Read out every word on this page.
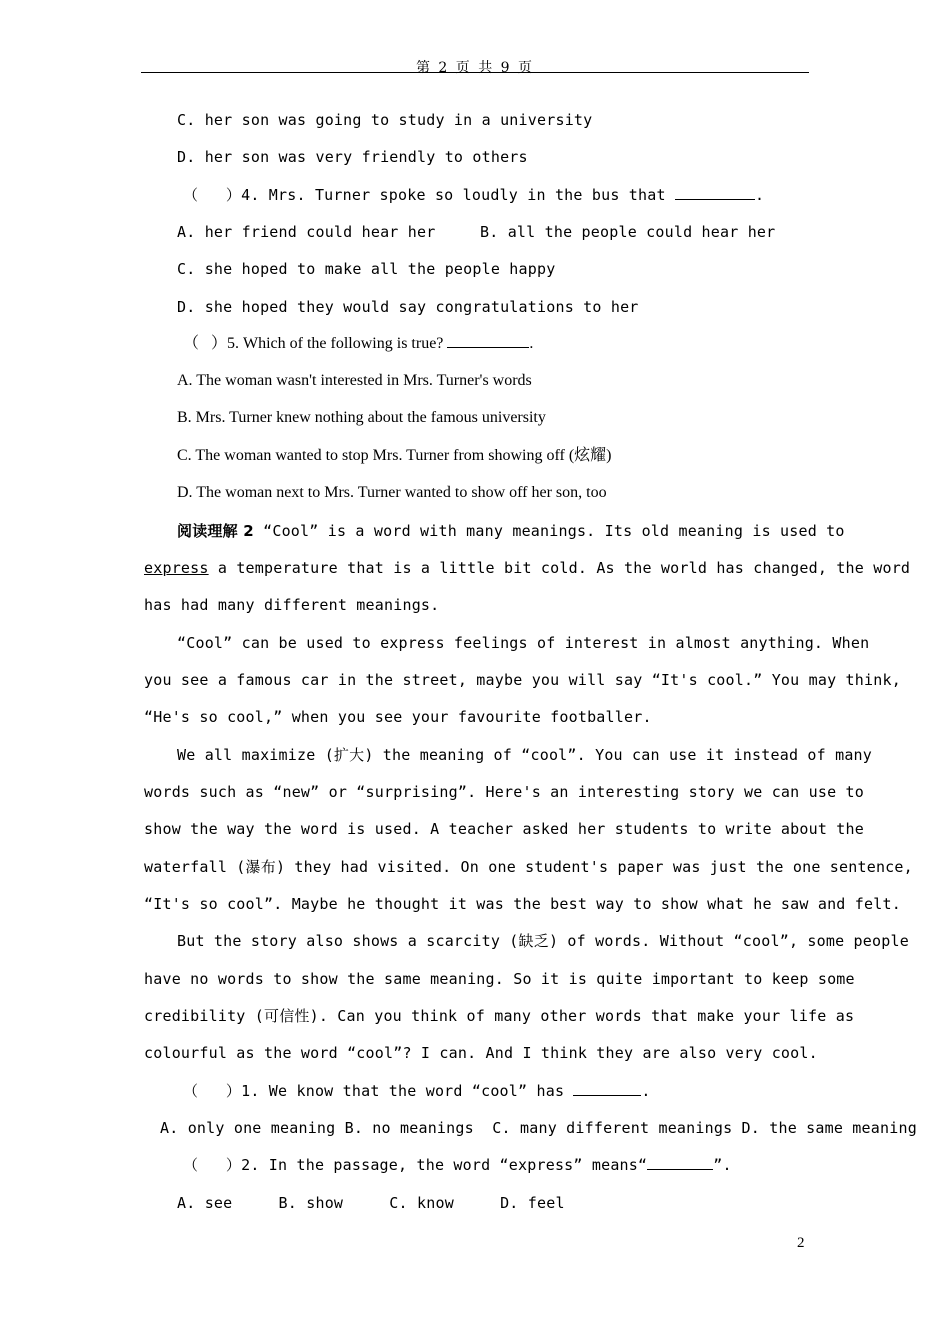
第 2 页 共 9 页
C. her son was going to study in a university
D. her son was very friendly to others
（   ）4. Mrs. Turner spoke so loudly in the bus that	.
A. her friend could hear her	B. all the people could hear her
C. she hoped to make all the people happy
D. she hoped they would say congratulations to her
（   ）5. Which of the following is true?	.
A. The woman wasn't interested in Mrs. Turner's words
B. Mrs. Turner knew nothing about the famous university
C. The woman wanted to stop Mrs. Turner from showing off (炫耀)
D. The woman next to Mrs. Turner wanted to show off her son, too
阅读理解 2 “Cool” is a word with many meanings. Its old meaning is used to
express a temperature that is a little bit cold. As the world has changed, the word
has had many different meanings.
“Cool” can be used to express feelings of interest in almost anything. When
you see a famous car in the street, maybe you will say “It's cool.” You may think,
“He's so cool,” when you see your favourite footballer.
We all maximize (扩大) the meaning of “cool”. You can use it instead of many
words such as “new” or “surprising”. Here's an interesting story we can use to
show the way the word is used. A teacher asked her students to write about the
waterfall (瀑布) they had visited. On one student's paper was just the one sentence,
“It's so cool”. Maybe he thought it was the best way to show what he saw and felt.
But the story also shows a scarcity (缺乏) of words. Without “cool”, some people
have no words to show the same meaning. So it is quite important to keep some
credibility (可信性). Can you think of many other words that make your life as
colourful as the word “cool”? I can. And I think they are also very cool.
（   ）1. We know that the word “cool” has	.
A. only one meaning B. no meanings  C. many different meanings D. the same meaning
（   ）2. In the passage, the word “express” means“	”.
A. see     B. show     C. know     D. feel
2
